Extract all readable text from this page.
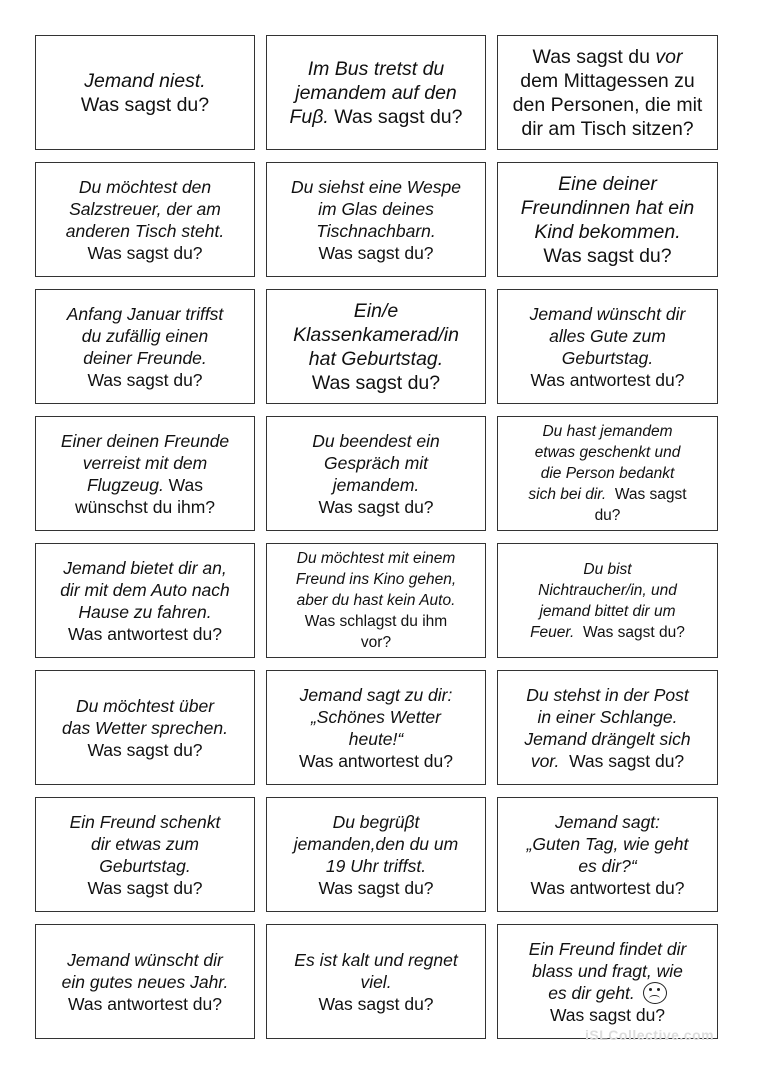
Jemand niest.
Was sagst du?
Im Bus tretst du
jemandem auf den
Fuβ. Was sagst du?
Was sagst du vor
dem Mittagessen zu
den Personen, die mit
dir am Tisch sitzen?
Du möchtest den
Salzstreuer, der am
anderen Tisch steht.
Was sagst du?
Du siehst eine Wespe
im Glas deines
Tischnachbarn.
Was sagst du?
Eine deiner
Freundinnen hat ein
Kind bekommen.
Was sagst du?
Anfang Januar triffst
du zufällig einen
deiner Freunde.
Was sagst du?
Ein/e
Klassenkamerad/in
hat Geburtstag.
Was sagst du?
Jemand wünscht dir
alles Gute zum
Geburtstag.
Was antwortest du?
Einer deinen Freunde
verreist mit dem
Flugzeug. Was
wünschst du ihm?
Du beendest ein
Gespräch mit
jemandem.
Was sagst du?
Du hast jemandem
etwas geschenkt und
die Person bedankt
sich bei dir.  Was sagst
du?
Jemand bietet dir an,
dir mit dem Auto nach
Hause zu fahren.
Was antwortest du?
Du möchtest mit einem
Freund ins Kino gehen,
aber du hast kein Auto.
Was schlagst du ihm
vor?
Du bist
Nichtraucher/in, und
jemand bittet dir um
Feuer.  Was sagst du?
Du möchtest über
das Wetter sprechen.
Was sagst du?
Jemand sagt zu dir:
„Schönes Wetter
heute!“
Was antwortest du?
Du stehst in der Post
in einer Schlange.
Jemand drängelt sich
vor.  Was sagst du?
Ein Freund schenkt
dir etwas zum
Geburtstag.
Was sagst du?
Du begrüβt
jemanden,den du um
19 Uhr triffst.
Was sagst du?
Jemand sagt:
„Guten Tag, wie geht
es dir?“
Was antwortest du?
Jemand wünscht dir
ein gutes neues Jahr.
Was antwortest du?
Es ist kalt und regnet
viel.
Was sagst du?
Ein Freund findet dir
blass und fragt, wie
es dir geht.
Was sagst du?
iSLCollective.com
